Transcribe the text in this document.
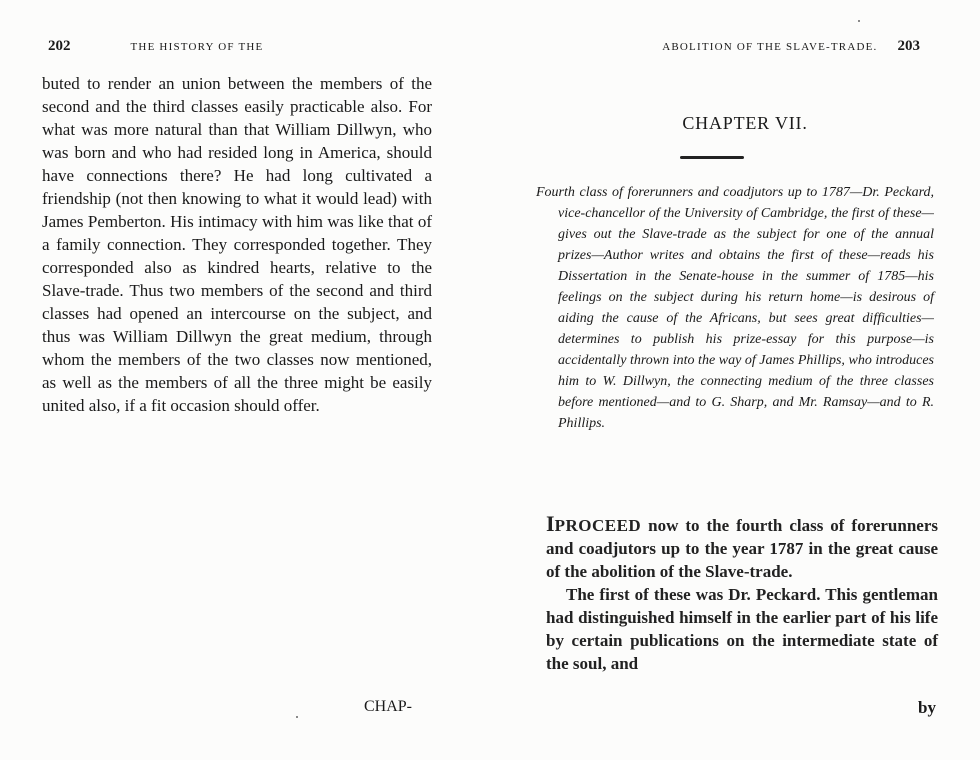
202	THE HISTORY OF THE
buted to render an union between the members of the second and the third classes easily practicable also. For what was more natural than that William Dillwyn, who was born and who had resided long in America, should have connections there? He had long cultivated a friendship (not then knowing to what it would lead) with James Pemberton. His intimacy with him was like that of a family connection. They corresponded together. They corresponded also as kindred hearts, relative to the Slave-trade. Thus two members of the second and third classes had opened an intercourse on the subject, and thus was William Dillwyn the great medium, through whom the members of the two classes now mentioned, as well as the members of all the three might be easily united also, if a fit occasion should offer.
CHAP-
ABOLITION OF THE SLAVE-TRADE. 203
CHAPTER VII.
Fourth class of forerunners and coadjutors up to 1787—Dr. Peckard, vice-chancellor of the University of Cambridge, the first of these—gives out the Slave-trade as the subject for one of the annual prizes—Author writes and obtains the first of these—reads his Dissertation in the Senate-house in the summer of 1785—his feelings on the subject during his return home—is desirous of aiding the cause of the Africans, but sees great difficulties—determines to publish his prize-essay for this purpose—is accidentally thrown into the way of James Phillips, who introduces him to W. Dillwyn, the connecting medium of the three classes before mentioned—and to G. Sharp, and Mr. Ramsay—and to R. Phillips.

IPROCEED now to the fourth class of forerunners and coadjutors up to the year 1787 in the great cause of the abolition of the Slave-trade.

The first of these was Dr. Peckard. This gentleman had distinguished himself in the earlier part of his life by certain publications on the intermediate state of the soul, and

by
